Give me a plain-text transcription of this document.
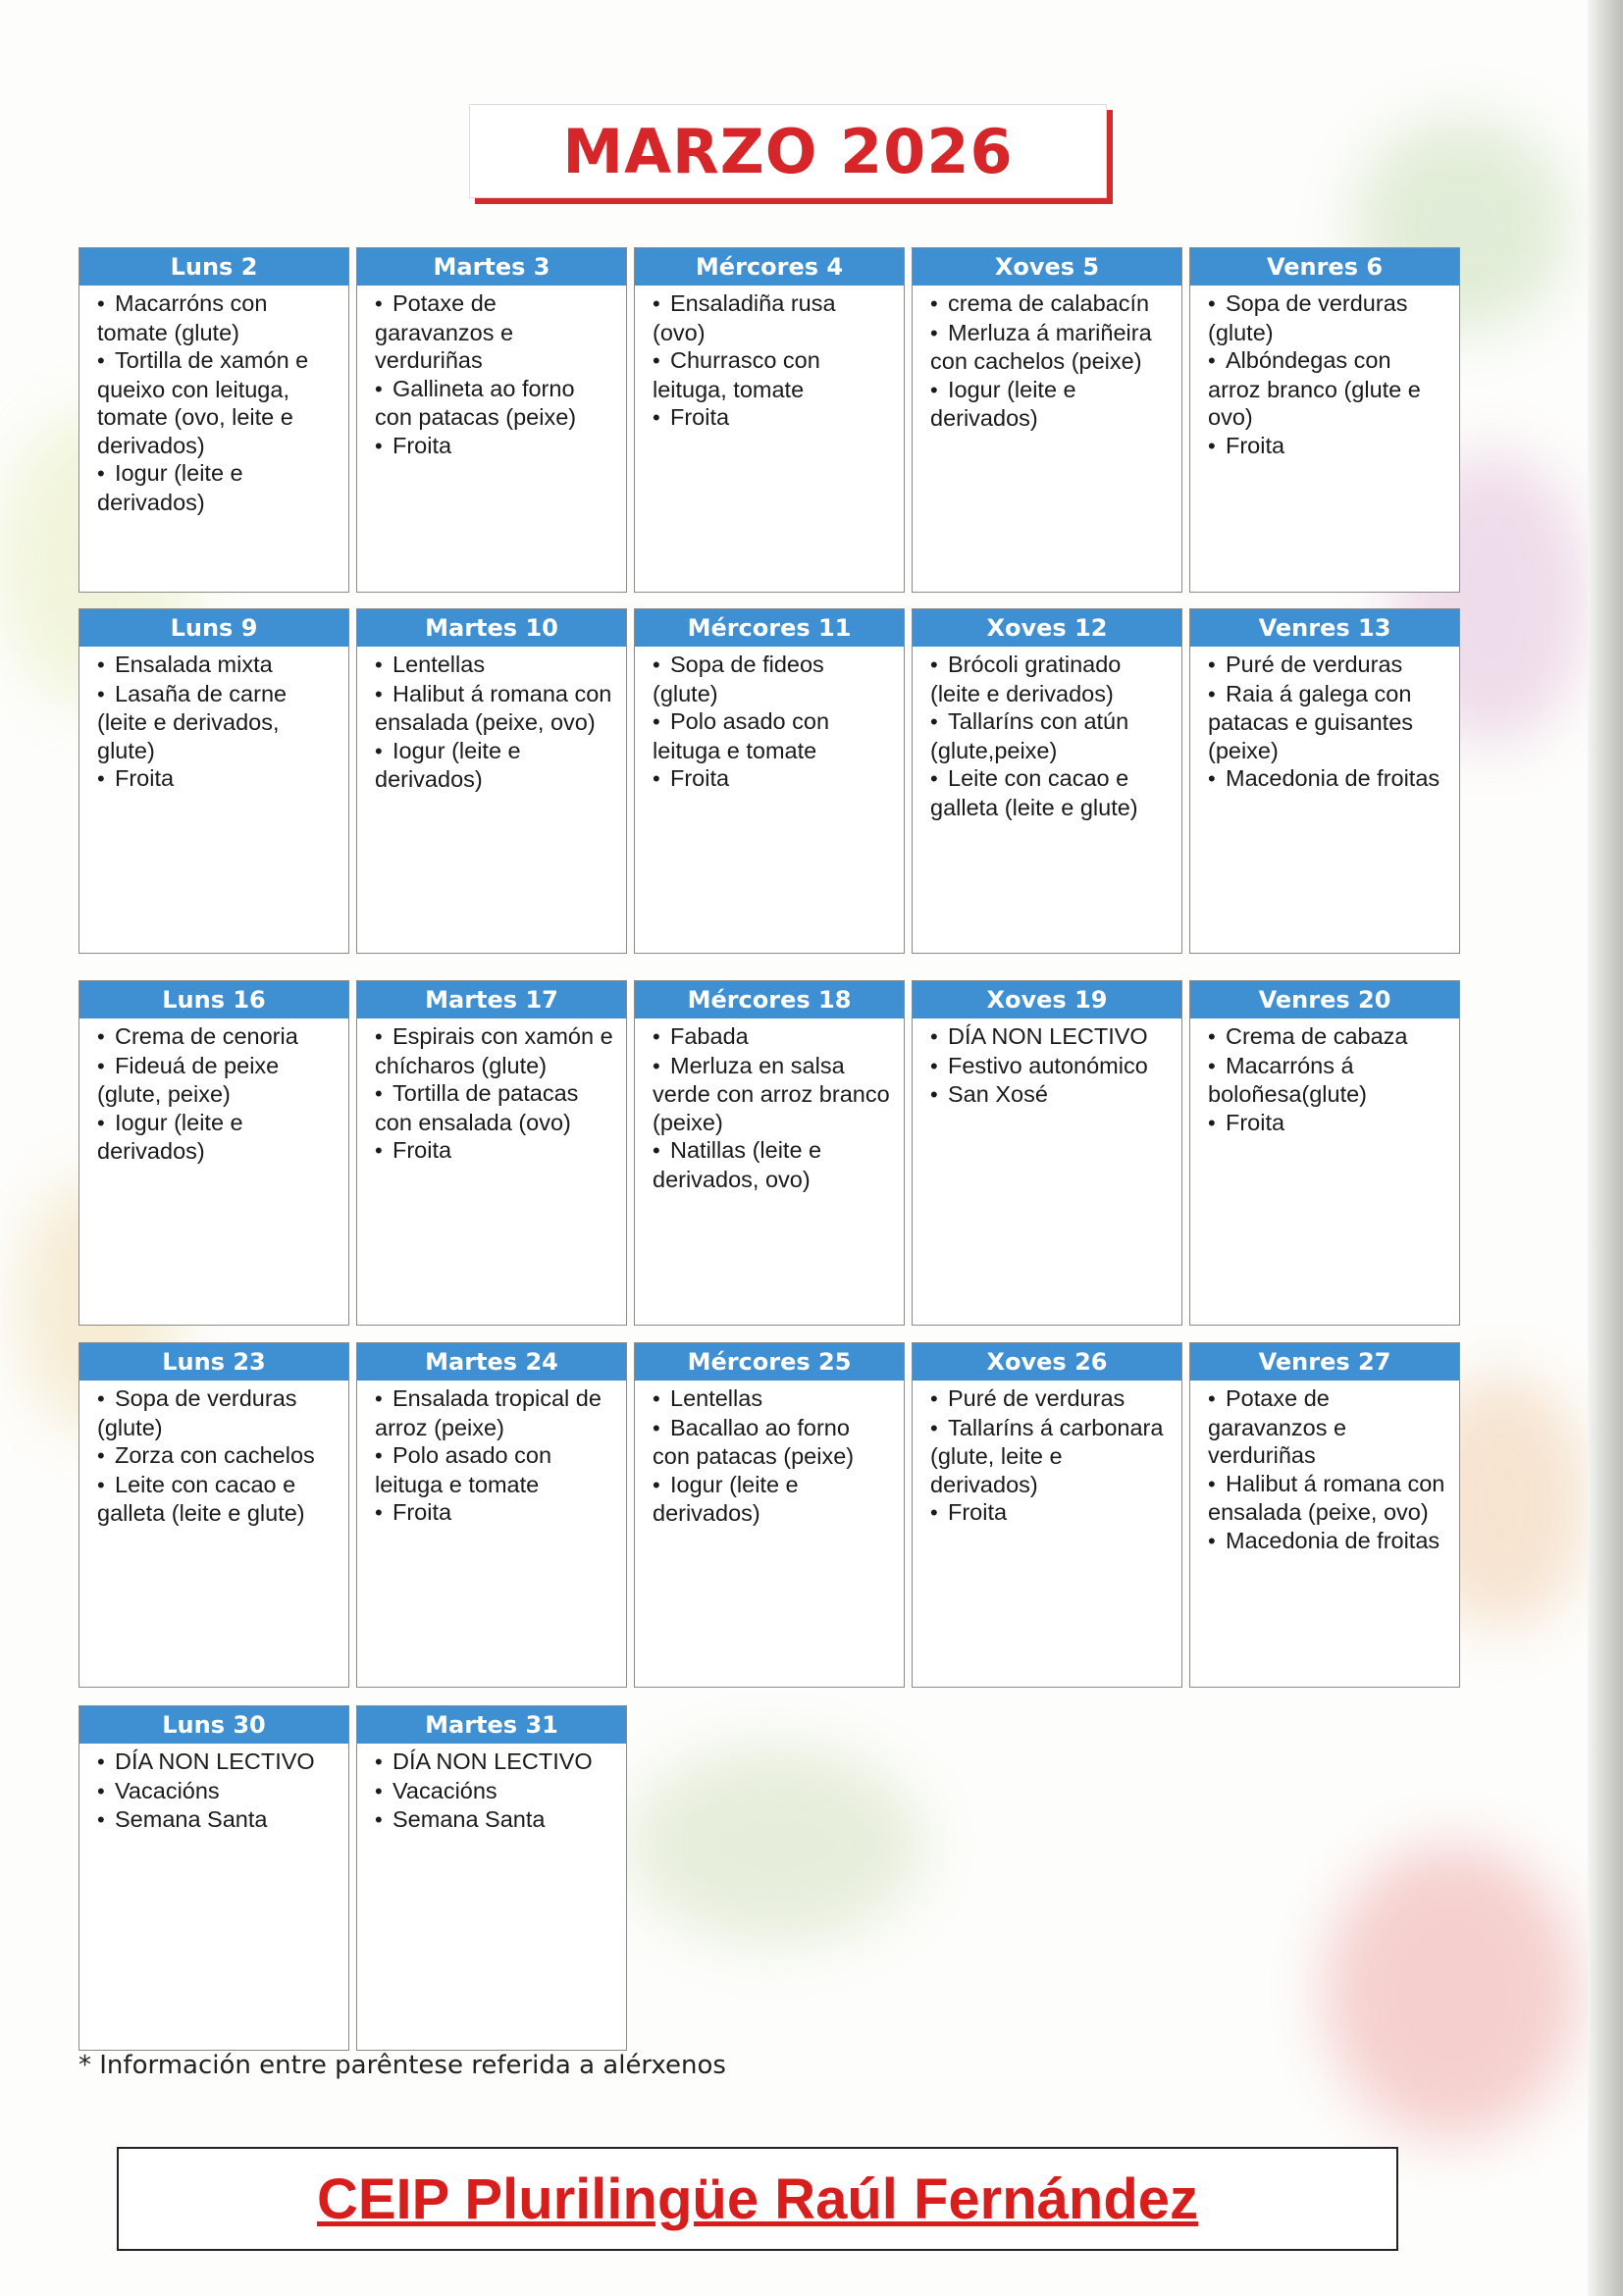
MARZO 2026
Luns 2
• Macarróns con tomate (glute)
• Tortilla de xamón e queixo con leituga, tomate (ovo, leite e derivados)
• Iogur (leite e derivados)
Martes 3
• Potaxe de garavanzos e verduriñas
• Gallineta ao forno con patacas (peixe)
• Froita
Mércores 4
• Ensaladiña rusa (ovo)
• Churrasco con leituga, tomate
• Froita
Xoves 5
• crema de calabacín
• Merluza á mariñeira con cachelos (peixe)
• Iogur (leite e derivados)
Venres 6
• Sopa de verduras (glute)
• Albóndegas con arroz branco (glute e ovo)
• Froita
Luns 9
• Ensalada mixta
• Lasaña de carne (leite e derivados, glute)
• Froita
Martes 10
• Lentellas
• Halibut á romana con ensalada (peixe, ovo)
• Iogur (leite e derivados)
Mércores 11
• Sopa de fideos (glute)
• Polo asado con leituga e tomate
• Froita
Xoves 12
• Brócoli gratinado (leite e derivados)
• Tallaríns con atún (glute,peixe)
• Leite con cacao e galleta (leite e glute)
Venres 13
• Puré de verduras
• Raia á galega con patacas e guisantes (peixe)
• Macedonia de froitas
Luns 16
• Crema de cenoria
• Fideuá de peixe (glute, peixe)
• Iogur (leite e derivados)
Martes 17
• Espirais con xamón e chícharos (glute)
• Tortilla de patacas con ensalada (ovo)
• Froita
Mércores 18
• Fabada
• Merluza en salsa verde con arroz branco (peixe)
• Natillas (leite e derivados, ovo)
Xoves 19
• DÍA NON LECTIVO
• Festivo autonómico
• San Xosé
Venres 20
• Crema de cabaza
• Macarróns á boloñesa(glute)
• Froita
Luns 23
• Sopa de verduras (glute)
• Zorza con cachelos
• Leite con cacao e galleta (leite e glute)
Martes 24
• Ensalada tropical de arroz (peixe)
• Polo asado con leituga e tomate
• Froita
Mércores 25
• Lentellas
• Bacallao ao forno con patacas (peixe)
• Iogur (leite e derivados)
Xoves 26
• Puré de verduras
• Tallaríns á carbonara (glute, leite e derivados)
• Froita
Venres 27
• Potaxe de garavanzos e verduriñas
• Halibut á romana con ensalada (peixe, ovo)
• Macedonia de froitas
Luns 30
• DÍA NON LECTIVO
• Vacacións
• Semana Santa
Martes 31
• DÍA NON LECTIVO
• Vacacións
• Semana Santa
* Información entre parêntese referida a alérxenos
CEIP Plurilingüe Raúl Fernández
